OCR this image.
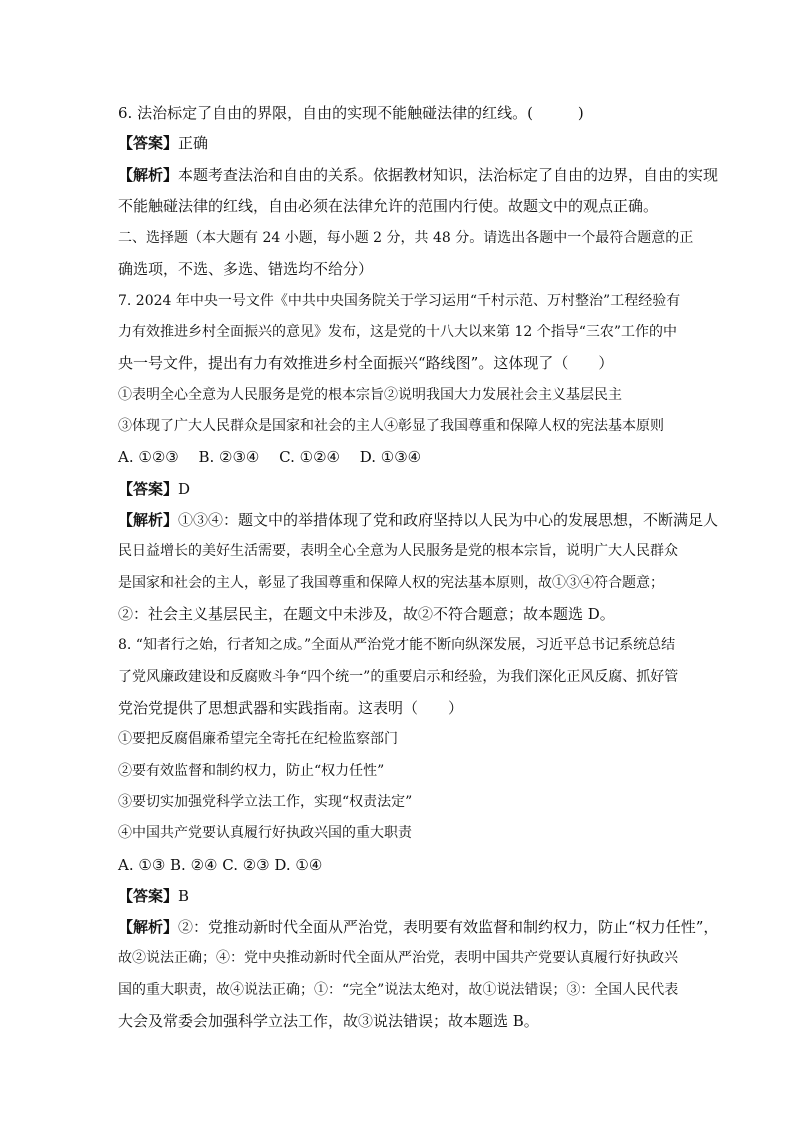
6. 法治标定了自由的界限，自由的实现不能触碰法律的红线。(　　　)
【答案】正确
【解析】本题考查法治和自由的关系。依据教材知识，法治标定了自由的边界，自由的实现
不能触碰法律的红线，自由必须在法律允许的范围内行使。故题文中的观点正确。
二、选择题（本大题有 24 小题，每小题 2 分，共 48 分。请选出各题中一个最符合题意的正
确选项，不选、多选、错选均不给分）
7. 2024 年中央一号文件《中共中央国务院关于学习运用“千村示范、万村整治”工程经验有
力有效推进乡村全面振兴的意见》发布，这是党的十八大以来第 12 个指导“三农”工作的中
央一号文件，提出有力有效推进乡村全面振兴“路线图”。这体现了（　　）
①表明全心全意为人民服务是党的根本宗旨②说明我国大力发展社会主义基层民主
③体现了广大人民群众是国家和社会的主人④彰显了我国尊重和保障人权的宪法基本原则
A. ①②③　 B. ②③④　 C. ①②④　 D. ①③④
【答案】D
【解析】①③④：题文中的举措体现了党和政府坚持以人民为中心的发展思想，不断满足人
民日益增长的美好生活需要，表明全心全意为人民服务是党的根本宗旨，说明广大人民群众
是国家和社会的主人，彰显了我国尊重和保障人权的宪法基本原则，故①③④符合题意；
②：社会主义基层民主，在题文中未涉及，故②不符合题意；故本题选 D。
8. “知者行之始，行者知之成。”全面从严治党才能不断向纵深发展，习近平总书记系统总结
了党风廉政建设和反腐败斗争“四个统一”的重要启示和经验，为我们深化正风反腐、抓好管
党治党提供了思想武器和实践指南。这表明（　　）
①要把反腐倡廉希望完全寄托在纪检监察部门
②要有效监督和制约权力，防止“权力任性”
③要切实加强党科学立法工作，实现“权责法定”
④中国共产党要认真履行好执政兴国的重大职责
A. ①③ B. ②④ C. ②③ D. ①④
【答案】B
【解析】②：党推动新时代全面从严治党，表明要有效监督和制约权力，防止“权力任性”，
故②说法正确；④：党中央推动新时代全面从严治党，表明中国共产党要认真履行好执政兴
国的重大职责，故④说法正确；①：“完全”说法太绝对，故①说法错误；③：全国人民代表
大会及常委会加强科学立法工作，故③说法错误；故本题选 B。
